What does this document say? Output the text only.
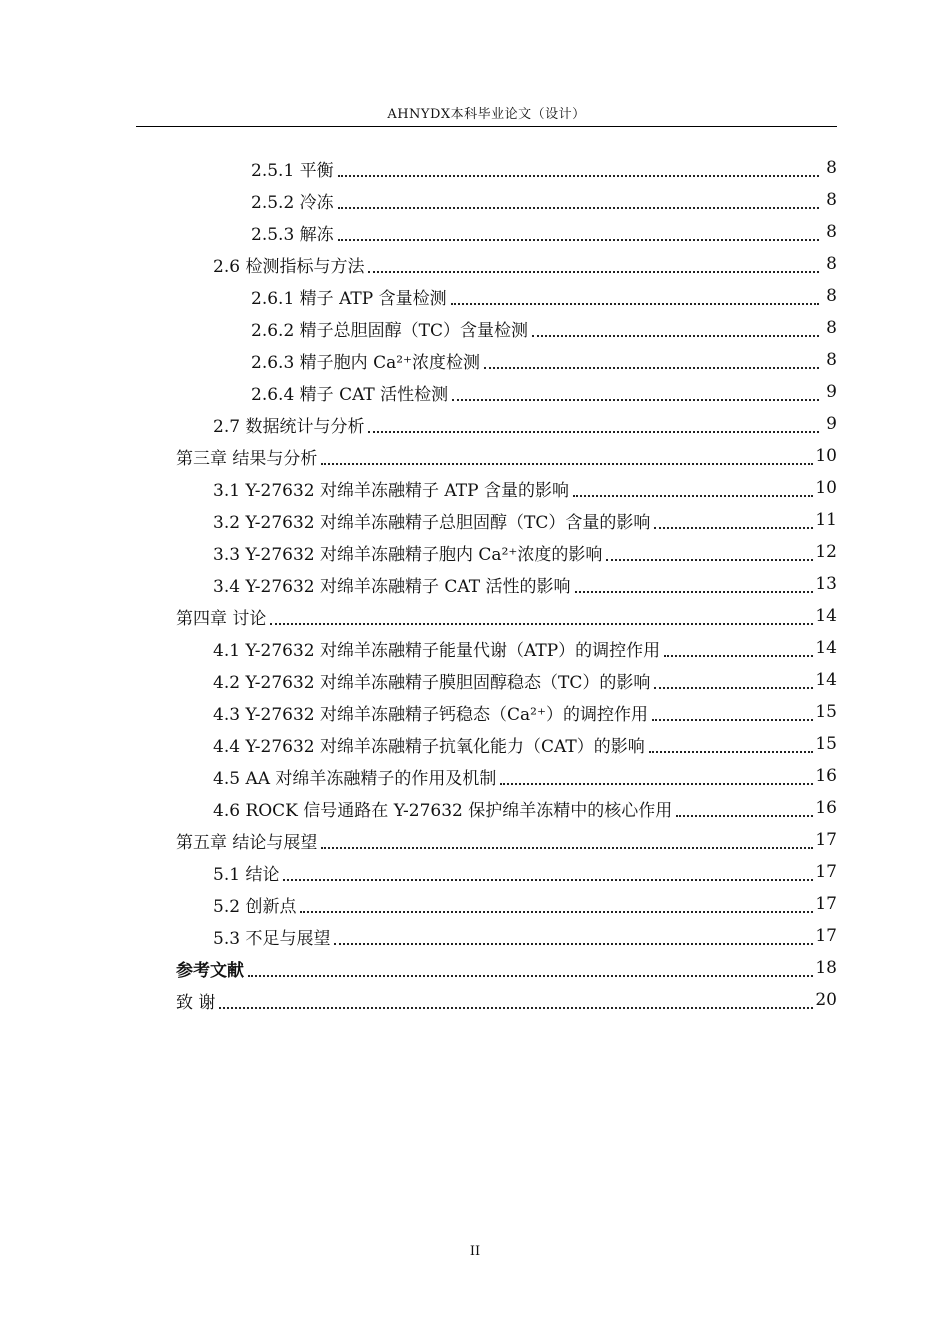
AHNYDX本科毕业论文（设计）
2.5.1 平衡	8
2.5.2 冷冻	8
2.5.3 解冻	8
2.6 检测指标与方法	8
2.6.1 精子 ATP 含量检测	8
2.6.2 精子总胆固醇（TC）含量检测	8
2.6.3 精子胞内 Ca²⁺浓度检测	8
2.6.4 精子 CAT 活性检测	9
2.7 数据统计与分析	9
第三章 结果与分析	10
3.1 Y-27632 对绵羊冻融精子 ATP 含量的影响	10
3.2 Y-27632 对绵羊冻融精子总胆固醇（TC）含量的影响	11
3.3 Y-27632 对绵羊冻融精子胞内 Ca²⁺浓度的影响	12
3.4 Y-27632 对绵羊冻融精子 CAT 活性的影响	13
第四章 讨论	14
4.1 Y-27632 对绵羊冻融精子能量代谢（ATP）的调控作用	14
4.2 Y-27632 对绵羊冻融精子膜胆固醇稳态（TC）的影响	14
4.3 Y-27632 对绵羊冻融精子钙稳态（Ca²⁺）的调控作用	15
4.4 Y-27632 对绵羊冻融精子抗氧化能力（CAT）的影响	15
4.5 AA 对绵羊冻融精子的作用及机制	16
4.6 ROCK 信号通路在 Y-27632 保护绵羊冻精中的核心作用	16
第五章 结论与展望	17
5.1 结论	17
5.2 创新点	17
5.3 不足与展望	17
参考文献	18
致 谢	20
II
